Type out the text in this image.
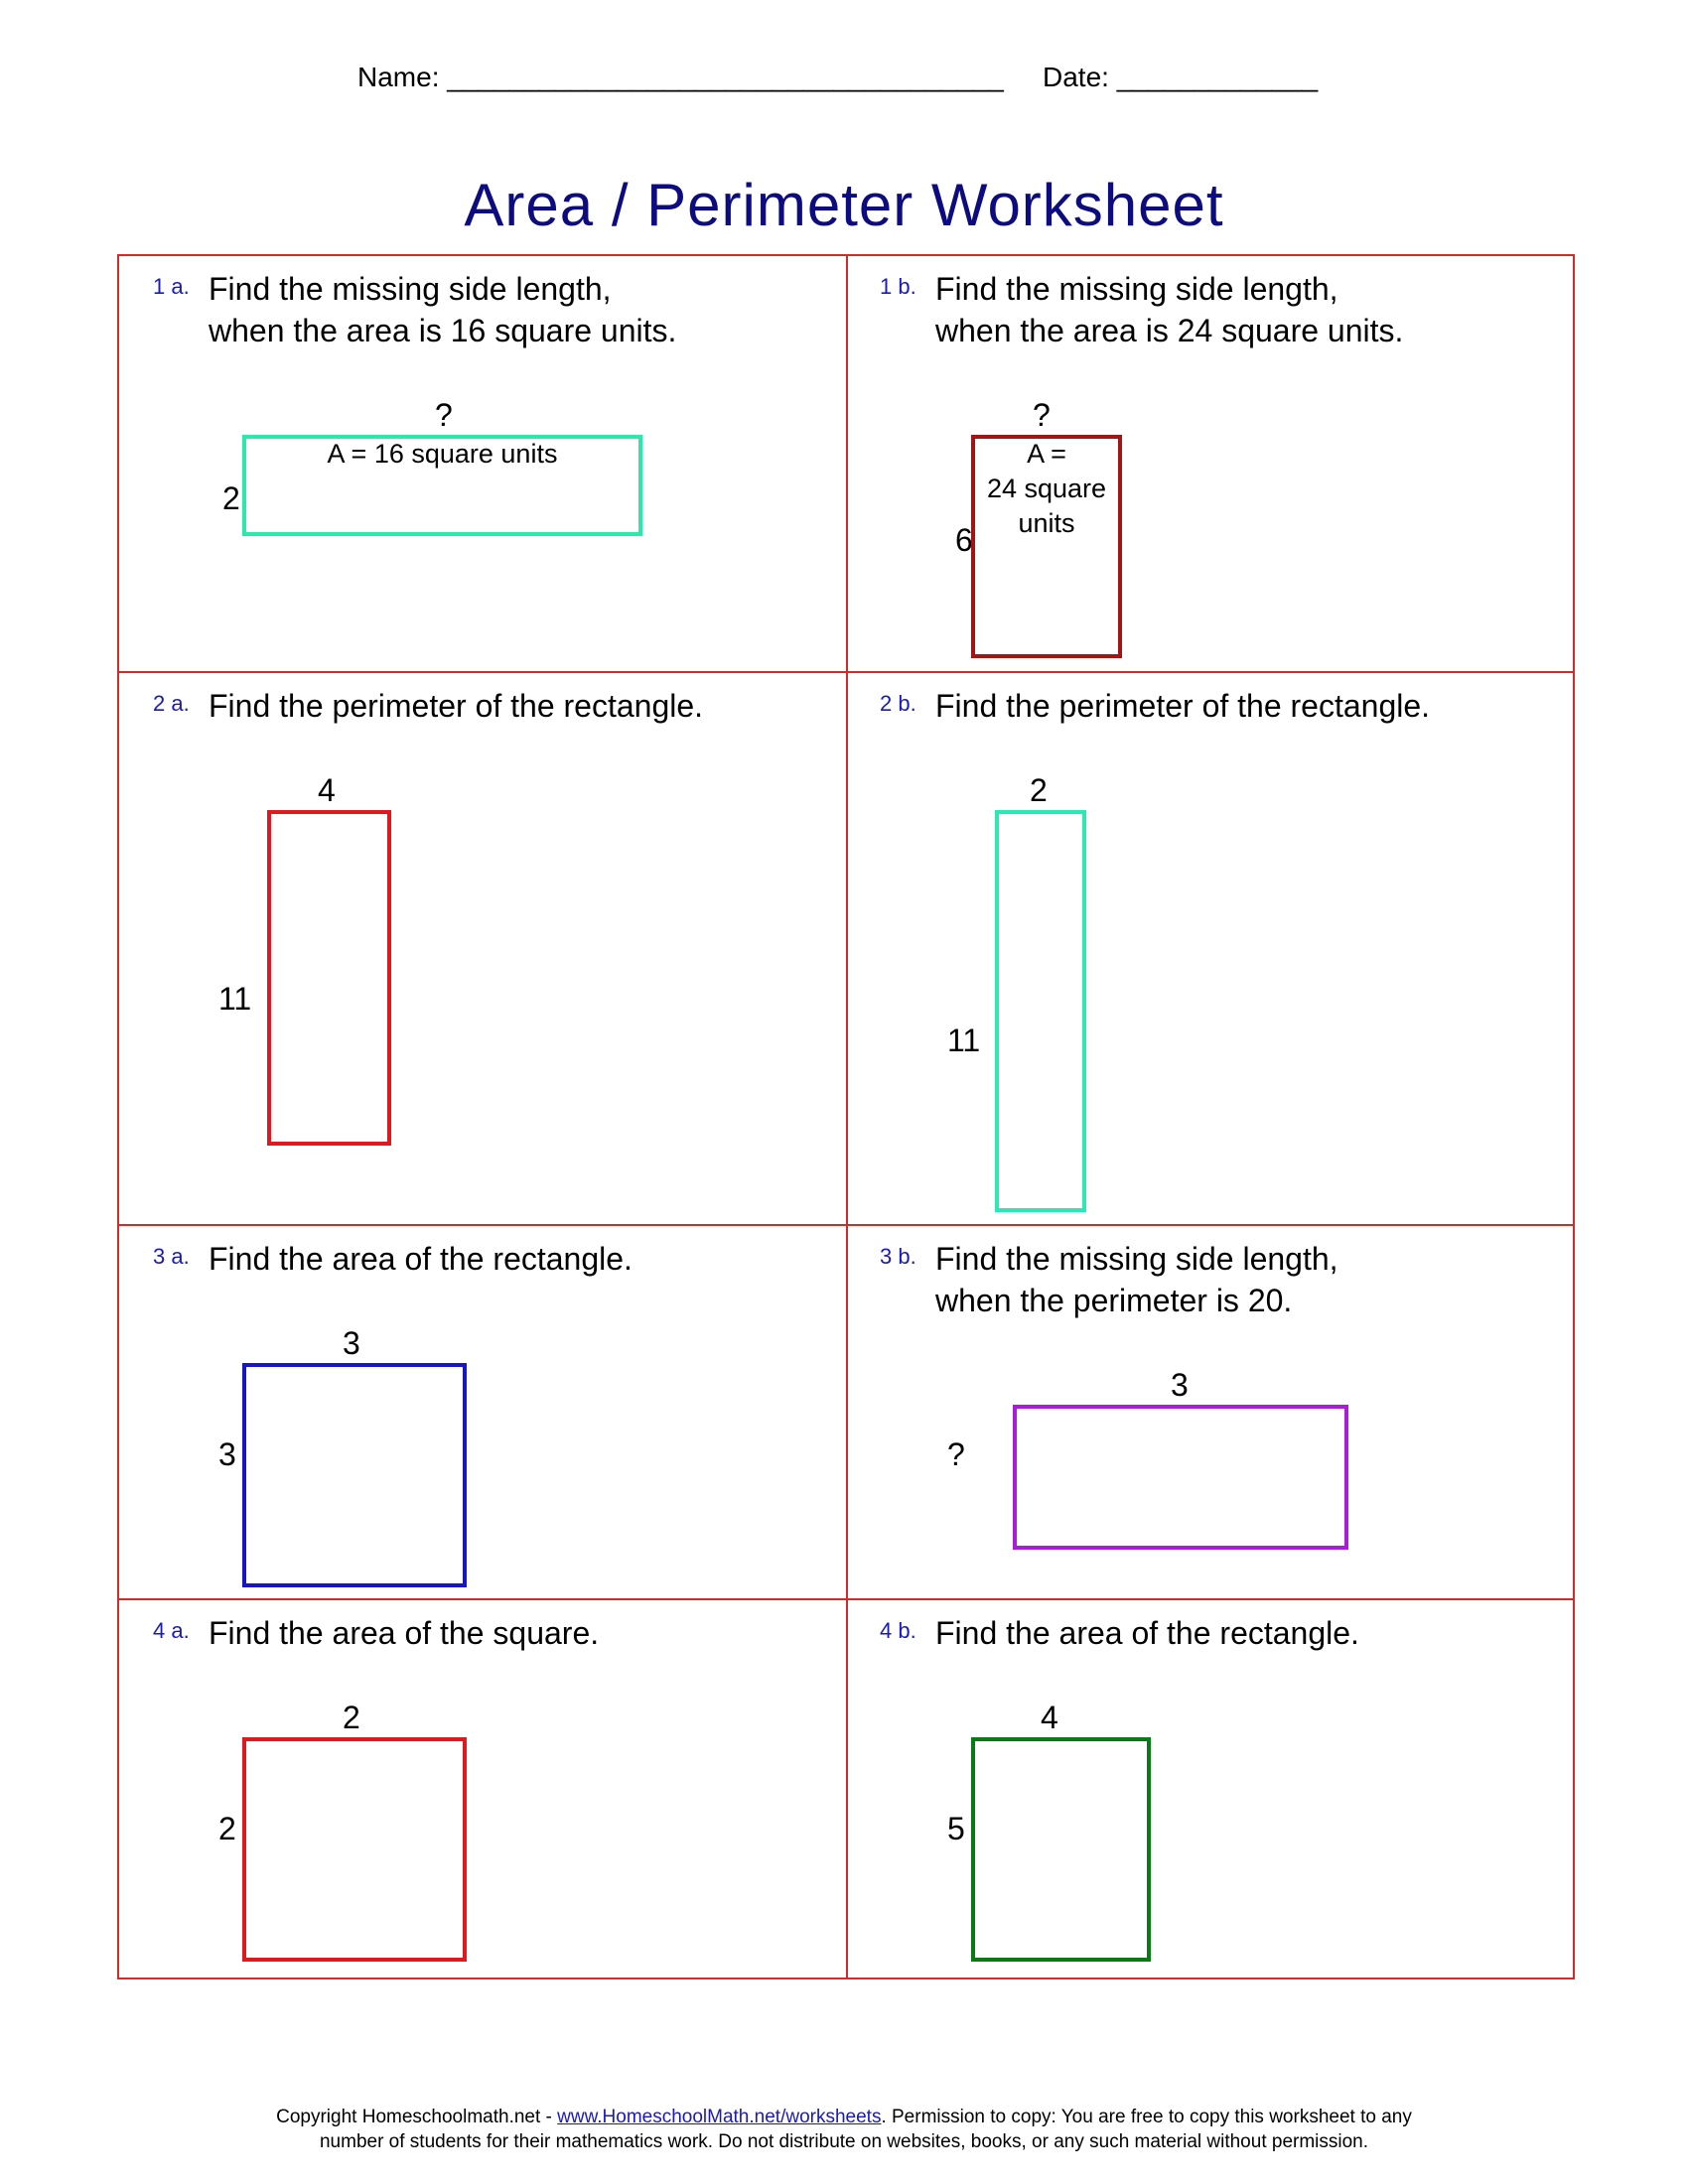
Name: ____________________________________ Date: _____________
Area / Perimeter Worksheet
1 a. Find the missing side length,
when the area is 16 square units.
?
2
A = 16 square units
1 b. Find the missing side length,
when the area is 24 square units.
?
6
A =
24 square
units
2 a. Find the perimeter of the rectangle.
4
11
2 b. Find the perimeter of the rectangle.
2
11
3 a. Find the area of the rectangle.
3
3
3 b. Find the missing side length,
when the perimeter is 20.
3
?
4 a. Find the area of the square.
2
2
4 b. Find the area of the rectangle.
4
5
Copyright Homeschoolmath.net - www.HomeschoolMath.net/worksheets. Permission to copy: You are free to copy this worksheet to any
number of students for their mathematics work. Do not distribute on websites, books, or any such material without permission.
